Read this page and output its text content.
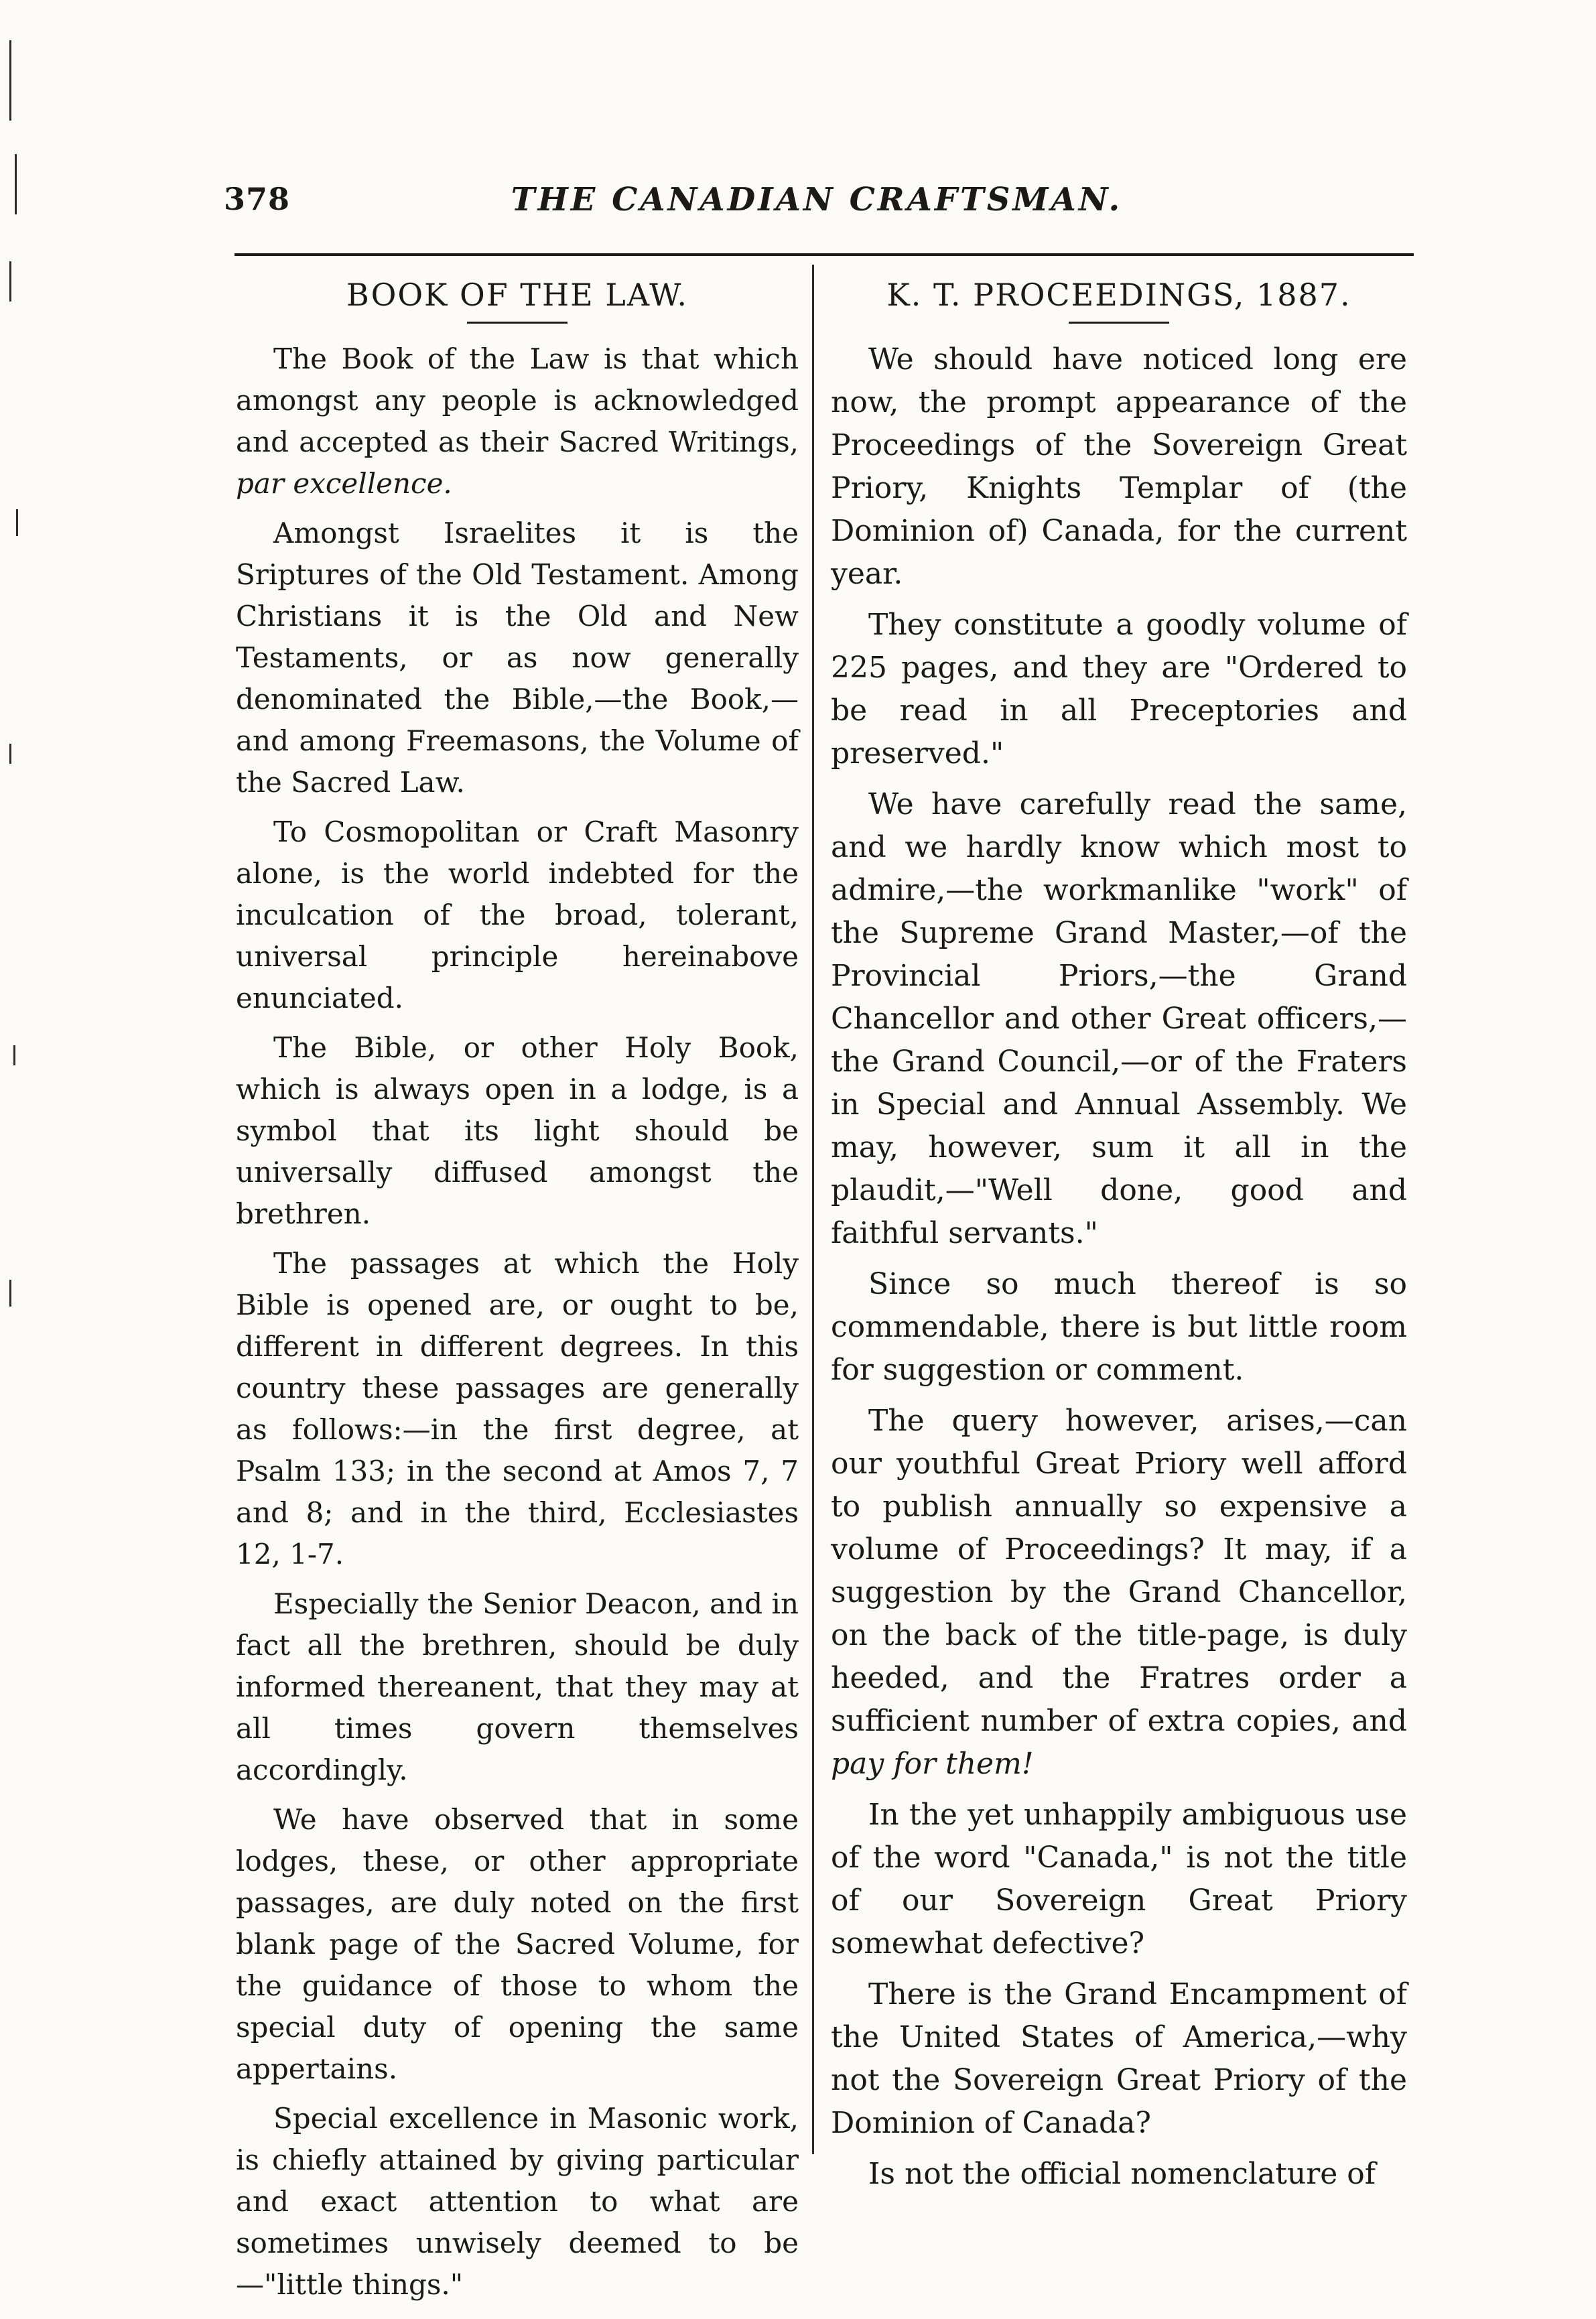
378	THE CANADIAN CRAFTSMAN.
BOOK OF THE LAW.

The Book of the Law is that which amongst any people is acknowledged and accepted as their Sacred Writings, par excellence.

Amongst Israelites it is the Sriptures of the Old Testament. Among Christians it is the Old and New Testaments, or as now generally denominated the Bible,—the Book,—and among Freemasons, the Volume of the Sacred Law.

To Cosmopolitan or Craft Masonry alone, is the world indebted for the inculcation of the broad, tolerant, universal principle hereinabove enunciated.

The Bible, or other Holy Book, which is always open in a lodge, is a symbol that its light should be universally diffused amongst the brethren.

The passages at which the Holy Bible is opened are, or ought to be, different in different degrees. In this country these passages are generally as follows:—in the first degree, at Psalm 133; in the second at Amos 7, 7 and 8; and in the third, Ecclesiastes 12, 1-7.

Especially the Senior Deacon, and in fact all the brethren, should be duly informed thereanent, that they may at all times govern themselves accordingly.

We have observed that in some lodges, these, or other appropriate passages, are duly noted on the first blank page of the Sacred Volume, for the guidance of those to whom the special duty of opening the same appertains.

Special excellence in Masonic work, is chiefly attained by giving particular and exact attention to what are sometimes unwisely deemed to be—"little things."

K. T. PROCEEDINGS, 1887.

We should have noticed long ere now, the prompt appearance of the Proceedings of the Sovereign Great Priory, Knights Templar of (the Dominion of) Canada, for the current year.

They constitute a goodly volume of 225 pages, and they are "Ordered to be read in all Preceptories and preserved."

We have carefully read the same, and we hardly know which most to admire,—the workmanlike "work" of the Supreme Grand Master,—of the Provincial Priors,—the Grand Chancellor and other Great officers,—the Grand Council,—or of the Fraters in Special and Annual Assembly. We may, however, sum it all in the plaudit,—"Well done, good and faithful servants."

Since so much thereof is so commendable, there is but little room for suggestion or comment.

The query however, arises,—can our youthful Great Priory well afford to publish annually so expensive a volume of Proceedings? It may, if a suggestion by the Grand Chancellor, on the back of the title-page, is duly heeded, and the Fratres order a sufficient number of extra copies, and pay for them!

In the yet unhappily ambiguous use of the word "Canada," is not the title of our Sovereign Great Priory somewhat defective?

There is the Grand Encampment of the United States of America,—why not the Sovereign Great Priory of the Dominion of Canada?

Is not the official nomenclature of
